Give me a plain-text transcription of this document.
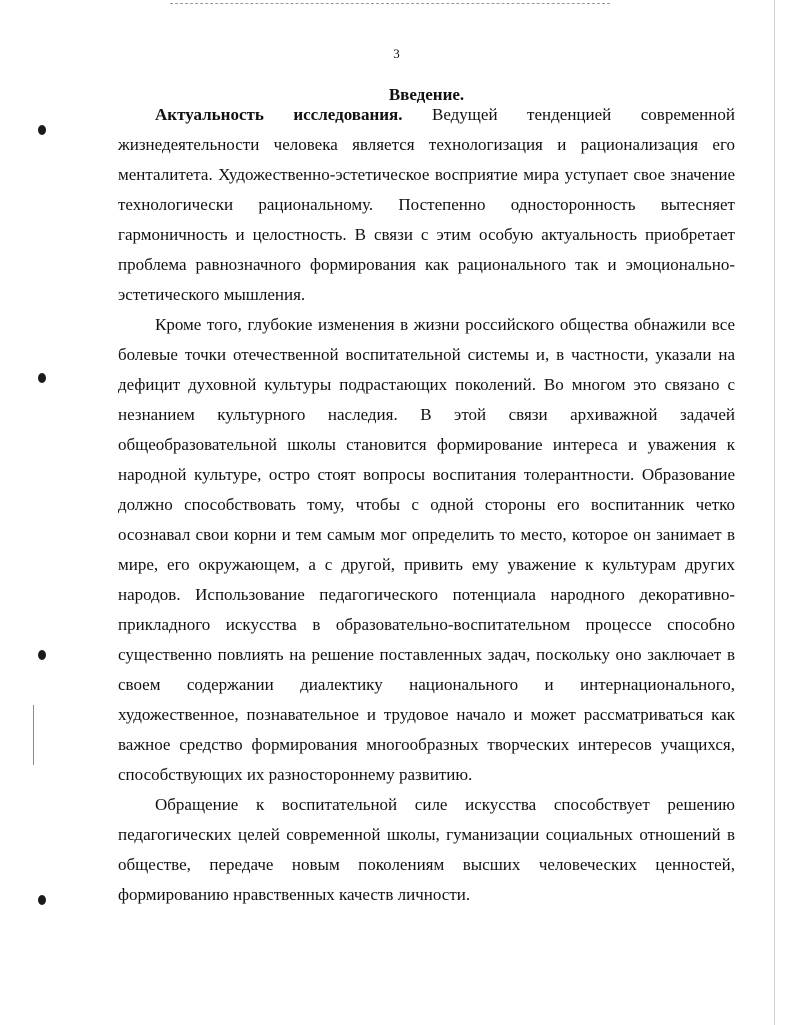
3
Введение.

Актуальность исследования. Ведущей тенденцией современной жизнедеятельности человека является технологизация и рационализация его менталитета. Художественно-эстетическое восприятие мира уступает свое значение технологически рациональному. Постепенно односторонность вытесняет гармоничность и целостность. В связи с этим особую актуальность приобретает проблема равнозначного формирования как рационального так и эмоционально-эстетического мышления.

Кроме того, глубокие изменения в жизни российского общества обнажили все болевые точки отечественной воспитательной системы и, в частности, указали на дефицит духовной культуры подрастающих поколений. Во многом это связано с незнанием культурного наследия. В этой связи архиважной задачей общеобразовательной школы становится формирование интереса и уважения к народной культуре, остро стоят вопросы воспитания толерантности. Образование должно способствовать тому, чтобы с одной стороны его воспитанник четко осознавал свои корни и тем самым мог определить то место, которое он занимает в мире, его окружающем, а с другой, привить ему уважение к культурам других народов. Использование педагогического потенциала народного декоративно-прикладного искусства в образовательно-воспитательном процессе способно существенно повлиять на решение поставленных задач, поскольку оно заключает в своем содержании диалектику национального и интернационального, художественное, познавательное и трудовое начало и может рассматриваться как важное средство формирования многообразных творческих интересов учащихся, способствующих их разностороннему развитию.

Обращение к воспитательной силе искусства способствует решению педагогических целей современной школы, гуманизации социальных отношений в обществе, передаче новым поколениям высших человеческих ценностей, формированию нравственных качеств личности.
